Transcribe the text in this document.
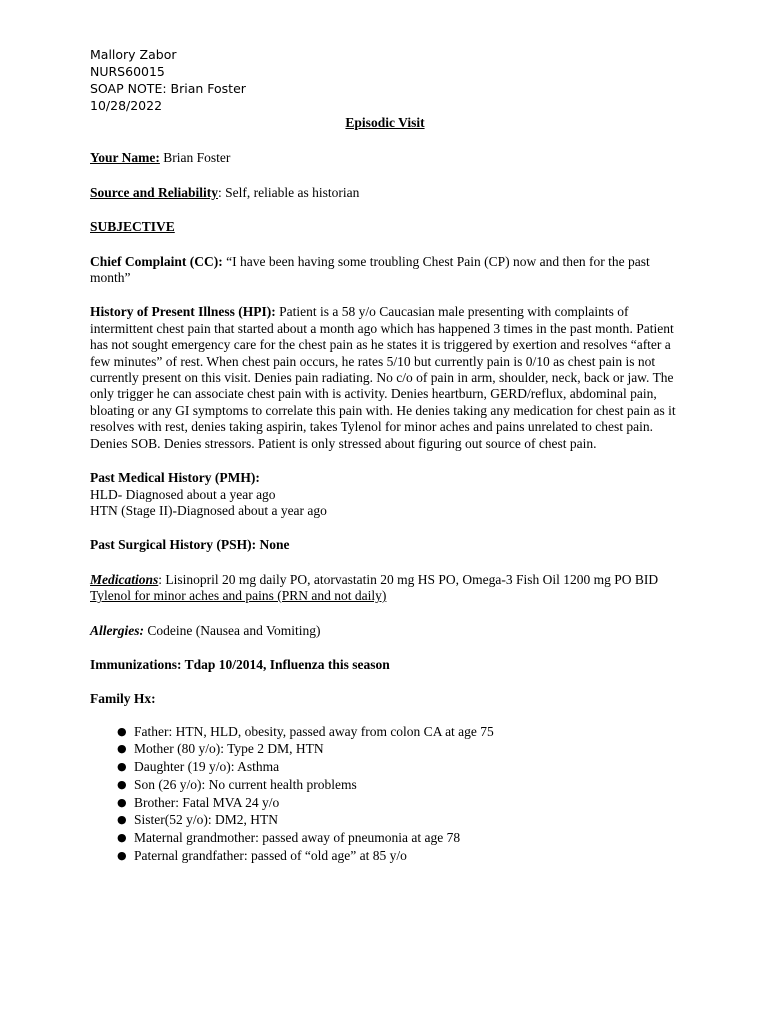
Mallory Zabor
NURS60015
SOAP NOTE: Brian Foster
10/28/2022
Episodic Visit
Your Name: Brian Foster
Source and Reliability: Self, reliable as historian
SUBJECTIVE
Chief Complaint (CC): “I have been having some troubling Chest Pain (CP) now and then for the past month”
History of Present Illness (HPI): Patient is a 58 y/o Caucasian male presenting with complaints of intermittent chest pain that started about a month ago which has happened 3 times in the past month. Patient has not sought emergency care for the chest pain as he states it is triggered by exertion and resolves “after a few minutes” of rest. When chest pain occurs, he rates 5/10 but currently pain is 0/10 as chest pain is not currently present on this visit. Denies pain radiating. No c/o of pain in arm, shoulder, neck, back or jaw. The only trigger he can associate chest pain with is activity. Denies heartburn, GERD/reflux, abdominal pain, bloating or any GI symptoms to correlate this pain with. He denies taking any medication for chest pain as it resolves with rest, denies taking aspirin, takes Tylenol for minor aches and pains unrelated to chest pain. Denies SOB. Denies stressors. Patient is only stressed about figuring out source of chest pain.
Past Medical History (PMH):
HLD- Diagnosed about a year ago
HTN (Stage II)-Diagnosed about a year ago
Past Surgical History (PSH): None
Medications: Lisinopril 20 mg daily PO, atorvastatin 20 mg HS PO, Omega-3 Fish Oil 1200 mg PO BID
Tylenol for minor aches and pains (PRN and not daily)
Allergies: Codeine (Nausea and Vomiting)
Immunizations: Tdap 10/2014, Influenza this season
Family Hx:
● Father: HTN, HLD, obesity, passed away from colon CA at age 75
● Mother (80 y/o): Type 2 DM, HTN
● Daughter (19 y/o): Asthma
● Son (26 y/o): No current health problems
● Brother: Fatal MVA 24 y/o
● Sister(52 y/o): DM2, HTN
● Maternal grandmother: passed away of pneumonia at age 78
● Paternal grandfather: passed of “old age” at 85 y/o
